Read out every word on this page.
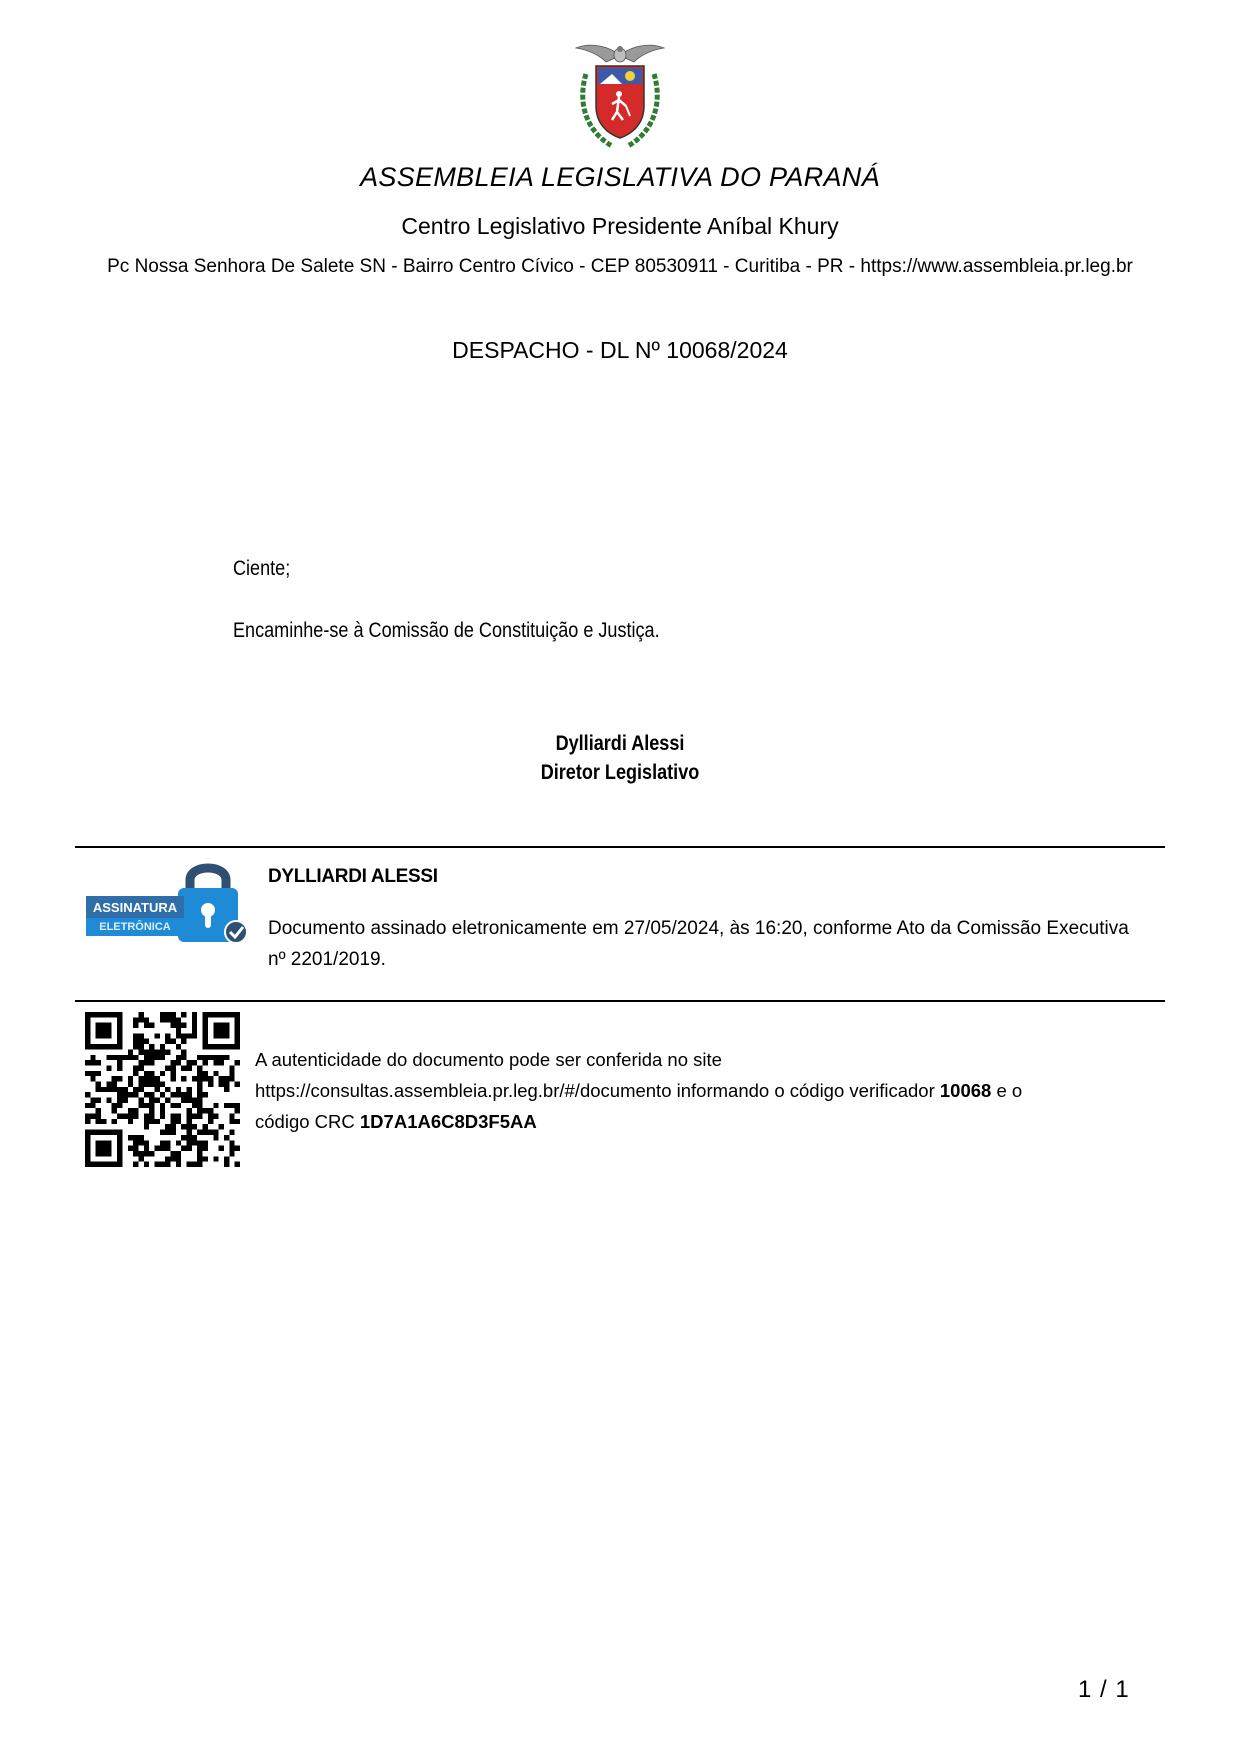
ASSEMBLEIA LEGISLATIVA DO PARANÁ
Centro Legislativo Presidente Aníbal Khury
Pc Nossa Senhora De Salete SN - Bairro Centro Cívico - CEP 80530911 - Curitiba - PR - https://www.assembleia.pr.leg.br
DESPACHO - DL Nº 10068/2024
Ciente;
Encaminhe-se à Comissão de Constituição e Justiça.
Dylliardi Alessi
Diretor Legislativo
ASSINATURA
ELETRÔNICA
DYLLIARDI ALESSI
Documento assinado eletronicamente em 27/05/2024, às 16:20, conforme Ato da Comissão Executiva nº 2201/2019.
A autenticidade do documento pode ser conferida no site
https://consultas.assembleia.pr.leg.br/#/documento informando o código verificador 10068 e o
código CRC 1D7A1A6C8D3F5AA
1 / 1
